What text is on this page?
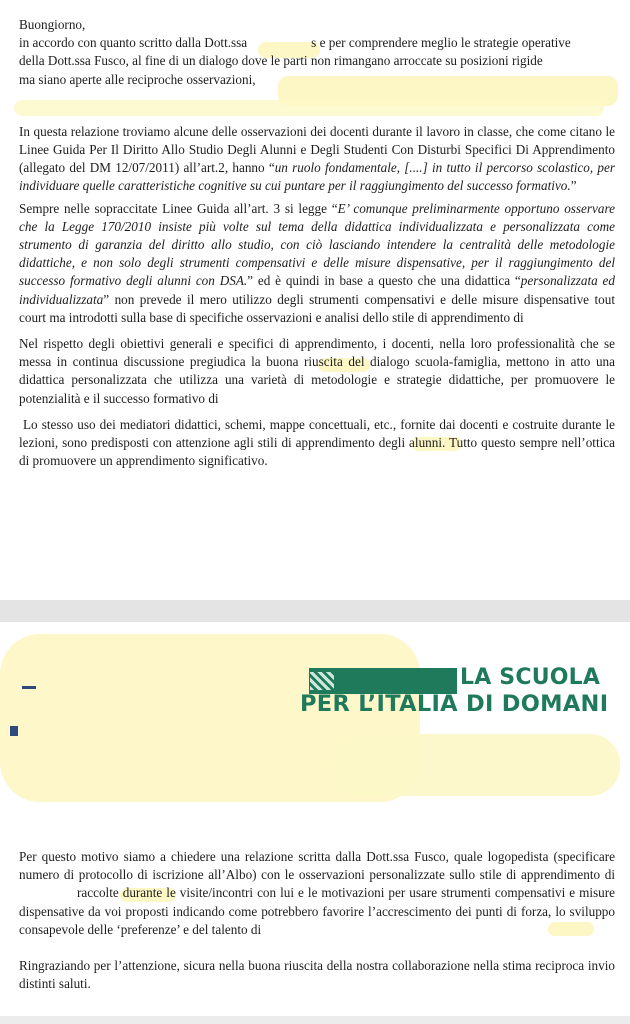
Buongiorno,

in accordo con quanto scritto dalla Dott.ssa	s e per comprendere meglio le strategie operative

della Dott.ssa Fusco, al fine di un dialogo dove le parti non rimangano arroccate su posizioni rigide

ma siano aperte alle reciproche osservazioni,

In questa relazione troviamo alcune delle osservazioni dei docenti durante il lavoro in classe, che come citano le Linee Guida Per Il Diritto Allo Studio Degli Alunni e Degli Studenti Con Disturbi Specifici Di Apprendimento (allegato del DM 12/07/2011) all’art.2, hanno “un ruolo fondamentale, [....] in tutto il percorso scolastico, per individuare quelle caratteristiche cognitive su cui puntare per il raggiungimento del successo formativo.”

Sempre nelle sopraccitate Linee Guida all’art. 3 si legge “E’ comunque preliminarmente opportuno osservare che la Legge 170/2010 insiste più volte sul tema della didattica individualizzata e personalizzata come strumento di garanzia del diritto allo studio, con ciò lasciando intendere la centralità delle metodologie didattiche, e non solo degli strumenti compensativi e delle misure dispensative, per il raggiungimento del successo formativo degli alunni con DSA.” ed è quindi in base a questo che una didattica “personalizzata ed individualizzata” non prevede il mero utilizzo degli strumenti compensativi e delle misure dispensative tout court ma introdotti sulla base di specifiche osservazioni e analisi dello stile di apprendimento di

Nel rispetto degli obiettivi generali e specifici di apprendimento, i docenti, nella loro professionalità che se messa in continua discussione pregiudica la buona riuscita del dialogo scuola-famiglia, mettono in atto una didattica personalizzata che utilizza una varietà di metodologie e strategie didattiche, per promuovere le potenzialità e il successo formativo di

Lo stesso uso dei mediatori didattici, schemi, mappe concettuali, etc., fornite dai docenti e costruite durante le lezioni, sono predisposti con attenzione agli stili di apprendimento degli alunni. Tutto questo sempre nell’ottica di promuovere un apprendimento significativo.

LA SCUOLA
PER L’ITALIA DI DOMANI

Per questo motivo siamo a chiedere una relazione scritta dalla Dott.ssa Fusco, quale logopedista (specificare numero di protocollo di iscrizione all’Albo) con le osservazioni personalizzate sullo stile di apprendimento diraccolte durante le visite/incontri con lui e le motivazioni per usare strumenti compensativi e misure dispensative da voi proposti indicando come potrebbero favorire l’accrescimento dei punti di forza, lo sviluppo consapevole delle ‘preferenze’ e del talento di

Ringraziando per l’attenzione, sicura nella buona riuscita della nostra collaborazione nella stima reciproca invio distinti saluti.
